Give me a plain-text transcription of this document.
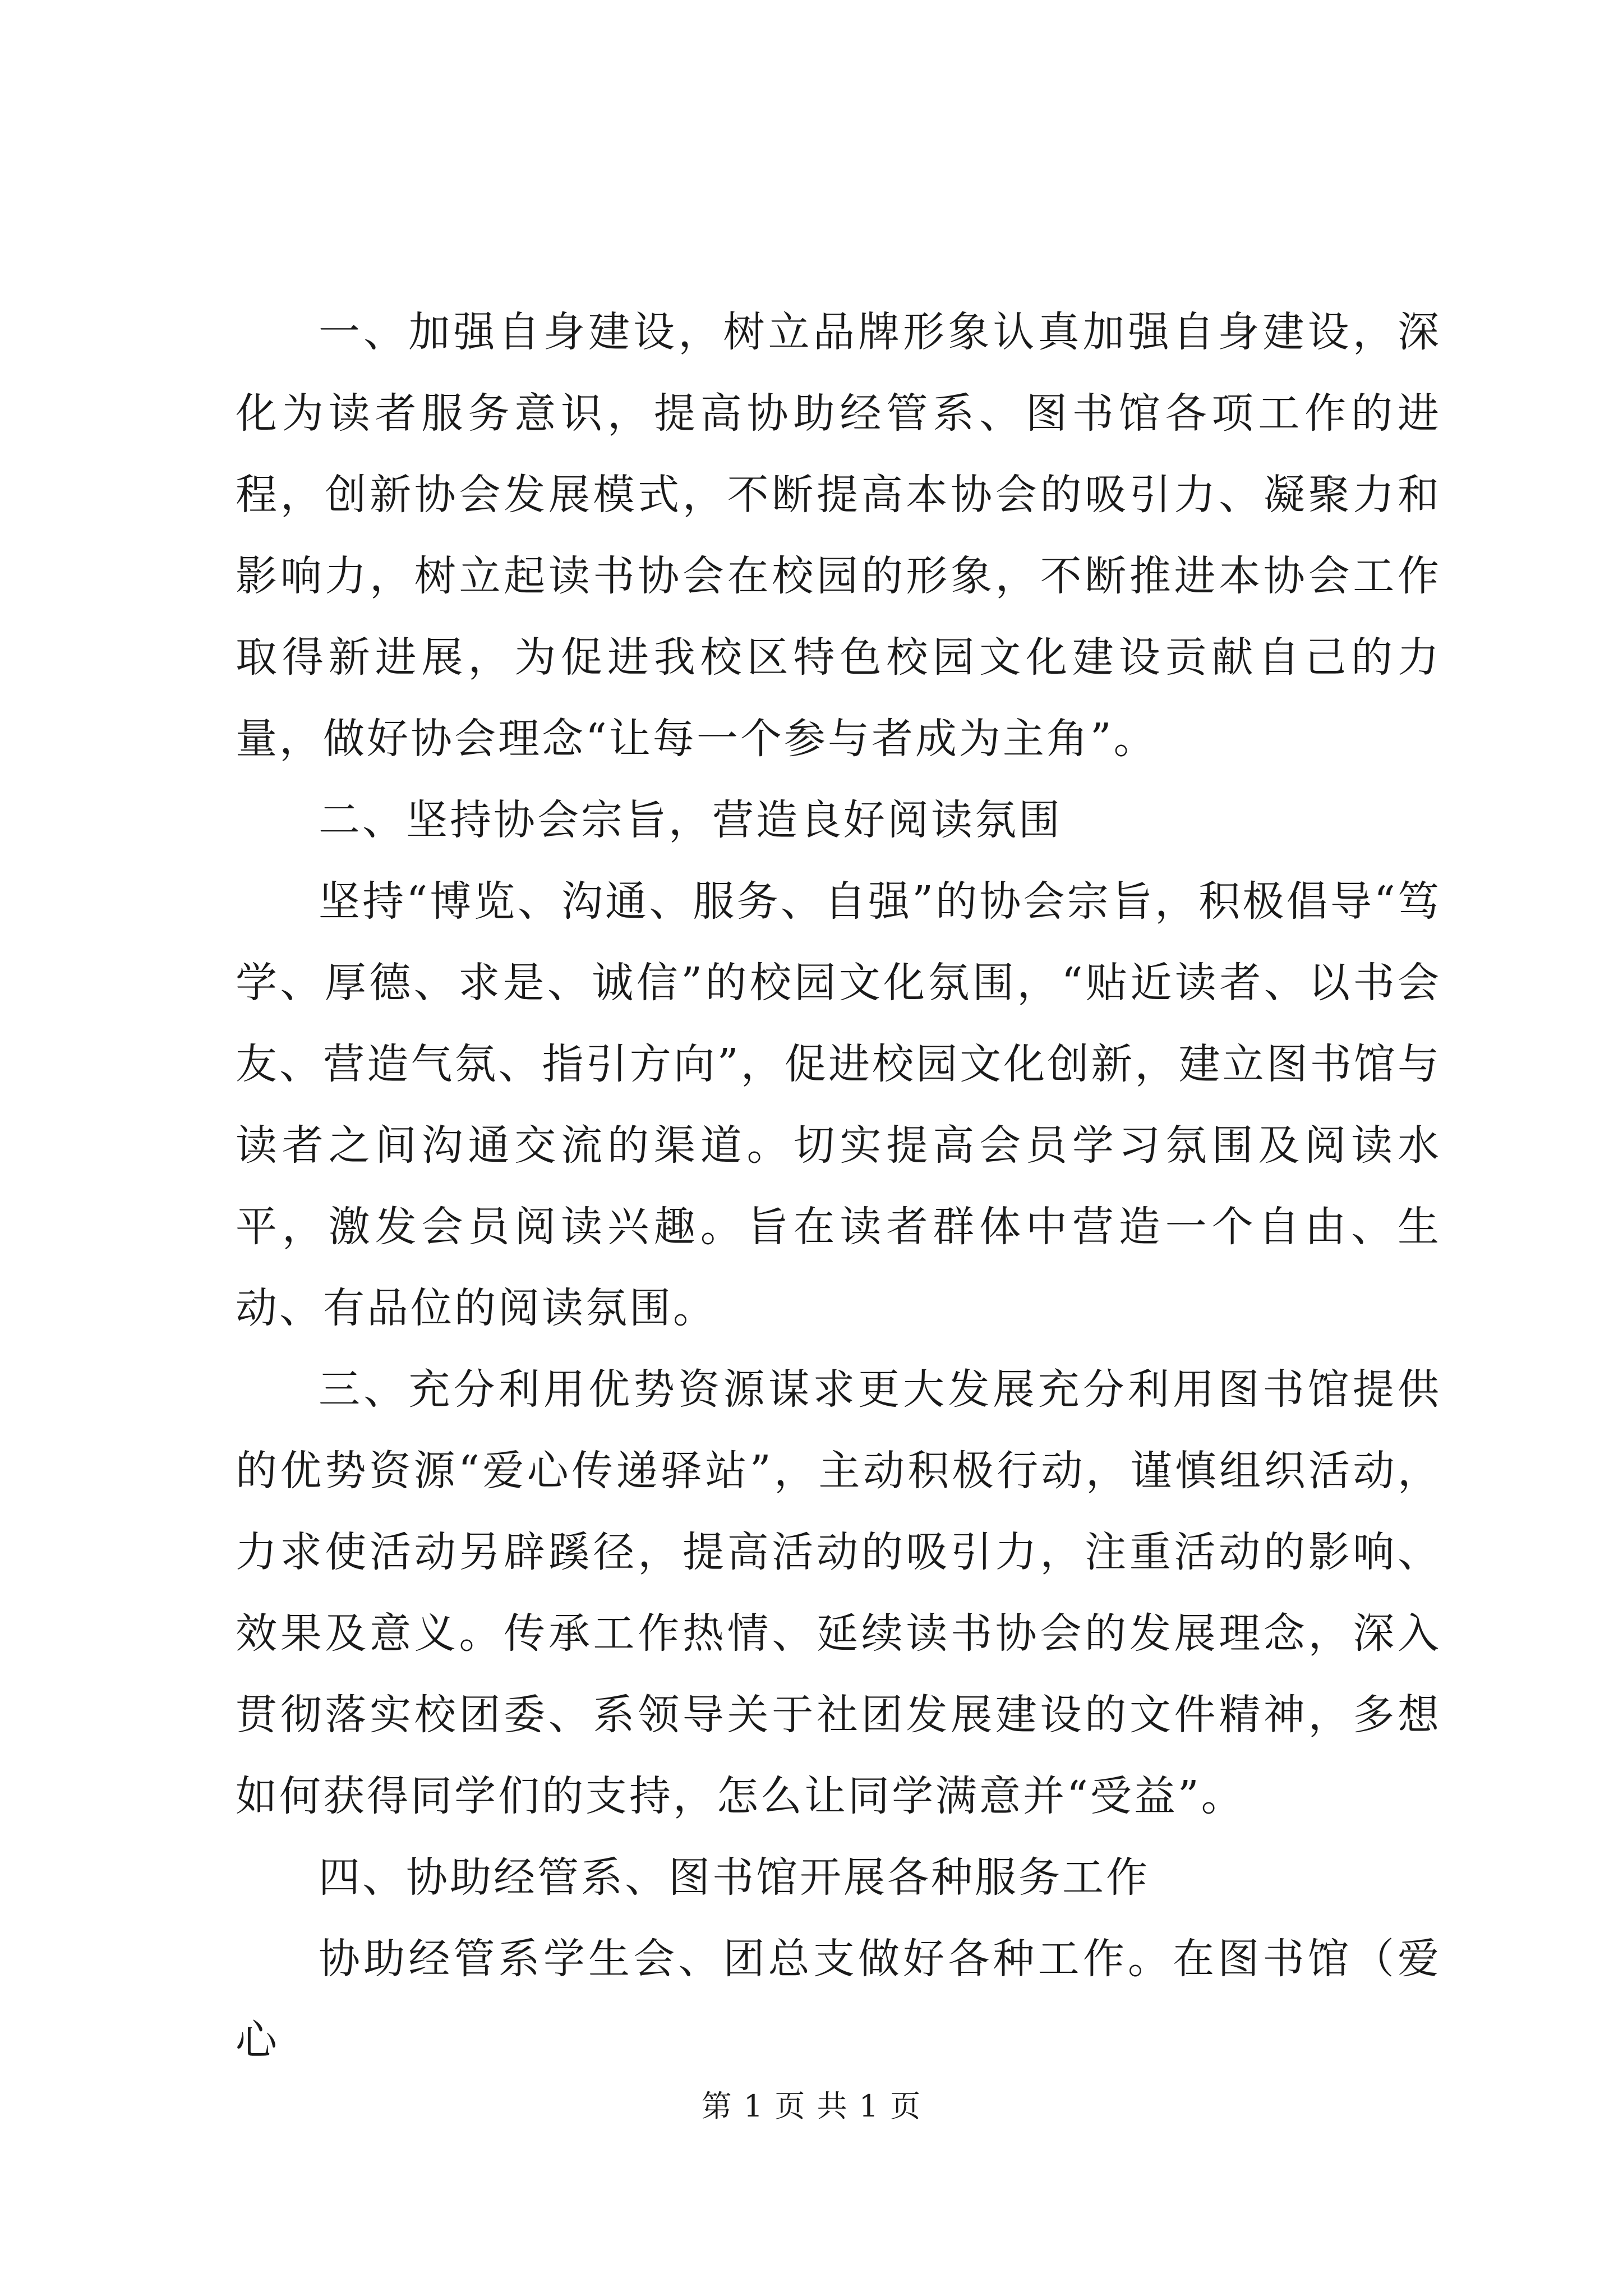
一、加强自身建设，树立品牌形象认真加强自身建设，深化为读者服务意识，提高协助经管系、图书馆各项工作的进程，创新协会发展模式，不断提高本协会的吸引力、凝聚力和影响力，树立起读书协会在校园的形象，不断推进本协会工作取得新进展，为促进我校区特色校园文化建设贡献自己的力量，做好协会理念“让每一个参与者成为主角”。

二、坚持协会宗旨，营造良好阅读氛围

坚持“博览、沟通、服务、自强”的协会宗旨，积极倡导“笃学、厚德、求是、诚信”的校园文化氛围，“贴近读者、以书会友、营造气氛、指引方向”，促进校园文化创新，建立图书馆与读者之间沟通交流的渠道。切实提高会员学习氛围及阅读水平，激发会员阅读兴趣。旨在读者群体中营造一个自由、生动、有品位的阅读氛围。

三、充分利用优势资源谋求更大发展充分利用图书馆提供的优势资源“爱心传递驿站”，主动积极行动，谨慎组织活动，力求使活动另辟蹊径，提高活动的吸引力，注重活动的影响、效果及意义。传承工作热情、延续读书协会的发展理念，深入贯彻落实校团委、系领导关于社团发展建设的文件精神，多想如何获得同学们的支持，怎么让同学满意并“受益”。

四、协助经管系、图书馆开展各种服务工作

协助经管系学生会、团总支做好各种工作。在图书馆（爱心

第 1 页 共 1 页
